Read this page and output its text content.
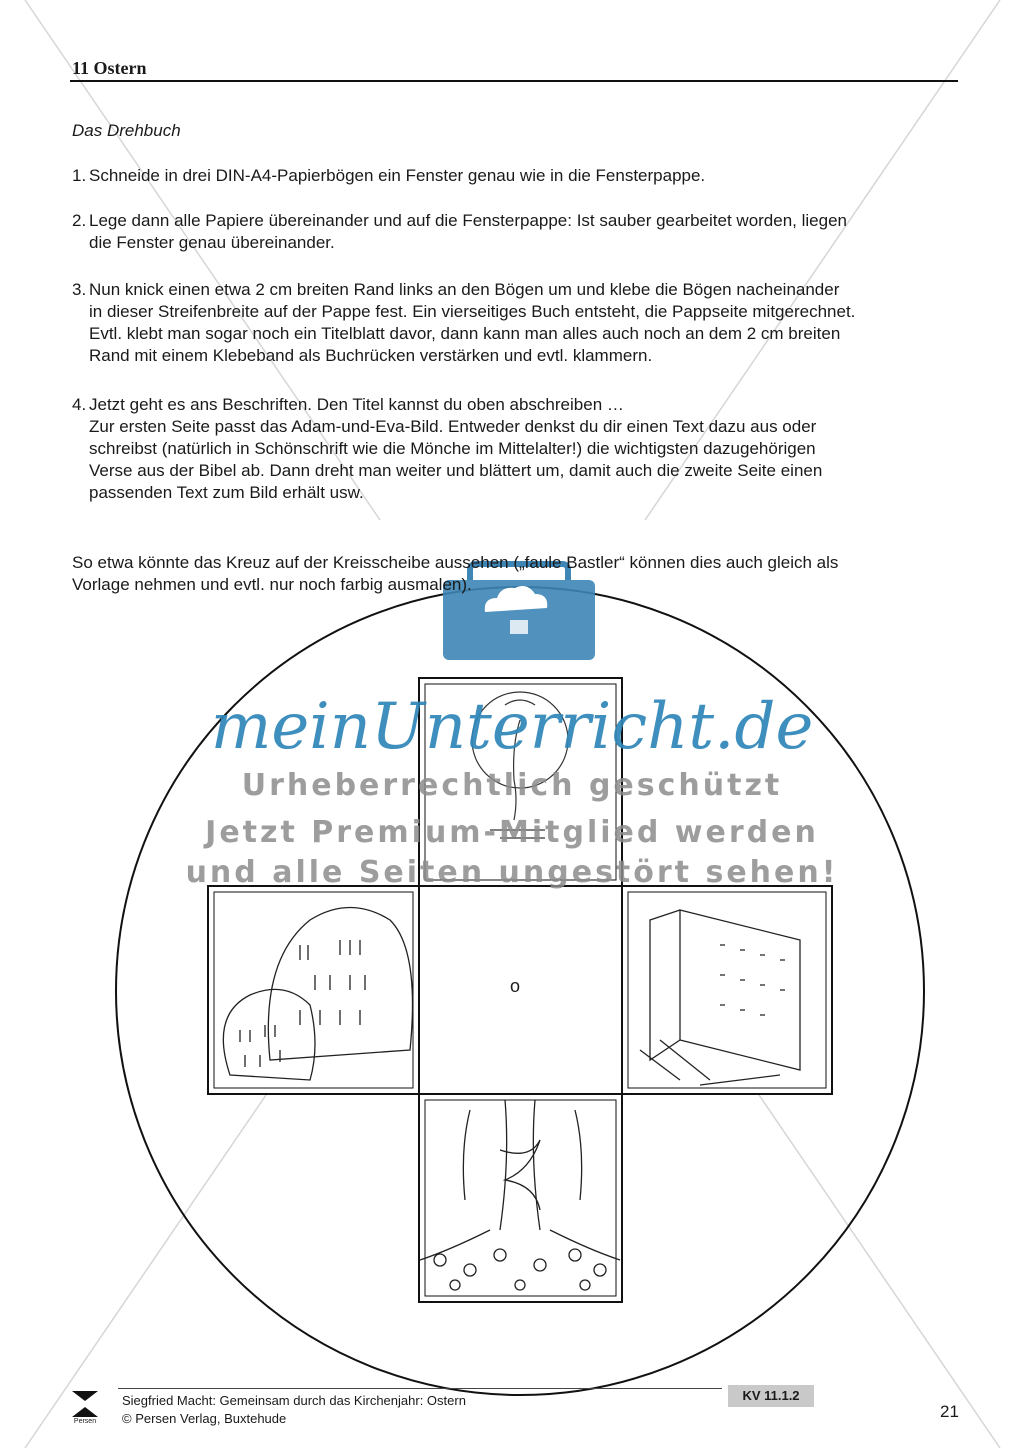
11 Ostern
Das Drehbuch
1. Schneide in drei DIN-A4-Papierbögen ein Fenster genau wie in die Fensterpappe.
2. Lege dann alle Papiere übereinander und auf die Fensterpappe: Ist sauber gearbeitet worden, liegen
die Fenster genau übereinander.
3. Nun knick einen etwa 2 cm breiten Rand links an den Bögen um und klebe die Bögen nacheinander
in dieser Streifenbreite auf der Pappe fest. Ein vierseitiges Buch entsteht, die Pappseite mitgerechnet.
Evtl. klebt man sogar noch ein Titelblatt davor, dann kann man alles auch noch an dem 2 cm breiten
Rand mit einem Klebeband als Buchrücken verstärken und evtl. klammern.
4. Jetzt geht es ans Beschriften. Den Titel kannst du oben abschreiben …
Zur ersten Seite passt das Adam-und-Eva-Bild. Entweder denkst du dir einen Text dazu aus oder
schreibst (natürlich in Schönschrift wie die Mönche im Mittelalter!) die wichtigsten dazugehörigen
Verse aus der Bibel ab. Dann dreht man weiter und blättert um, damit auch die zweite Seite einen
passenden Text zum Bild erhält usw.
So etwa könnte das Kreuz auf der Kreisscheibe aussehen („faule Bastler“ können dies auch gleich als
Vorlage nehmen und evtl. nur noch farbig ausmalen).
o
meinUnterricht.de
Urheberrechtlich geschützt
Jetzt Premium-Mitglied werden
und alle Seiten ungestört sehen!
Persen
Siegfried Macht: Gemeinsam durch das Kirchenjahr: Ostern
© Persen Verlag, Buxtehude
KV 11.1.2
21
